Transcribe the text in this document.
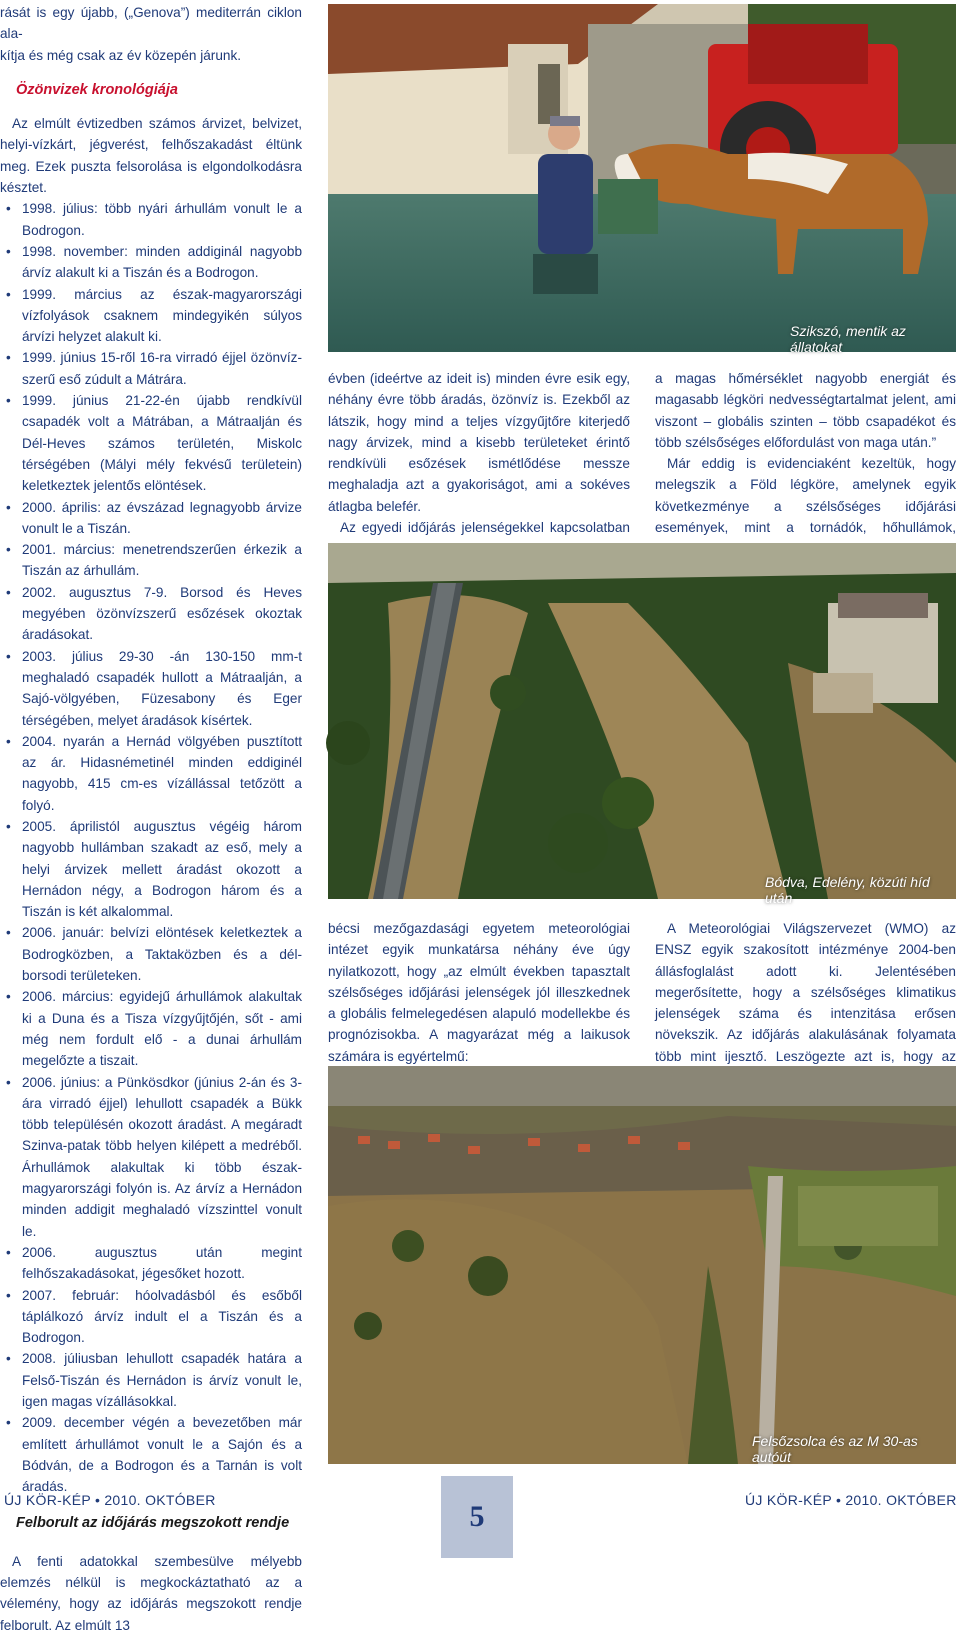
rását is egy újabb, („Genova”) mediterrán ciklon ala-
kítja és még csak az év közepén járunk.
Özönvizek kronológiája
Az elmúlt évtizedben számos árvizet, belvizet, helyi-vízkárt, jégverést, felhőszakadást éltünk meg. Ezek puszta felsorolása is elgondolkodásra késztet.
• 1998. július: több nyári árhullám vonult le a Bodrogon.
• 1998. november: minden addiginál nagyobb árvíz alakult ki a Tiszán és a Bodrogon.
• 1999. március az észak-magyarországi vízfolyások csaknem mindegyikén súlyos árvízi helyzet alakult ki.
• 1999. június 15-ről 16-ra virradó éjjel özönvíz-szerű eső zúdult a Mátrára.
• 1999. június 21-22-én újabb rendkívül csapadék volt a Mátrában, a Mátraalján és Dél-Heves számos területén, Miskolc térségében (Mályi mély fekvésű területein) keletkeztek jelentős elöntések.
• 2000. április: az évszázad legnagyobb árvize vonult le a Tiszán.
• 2001. március: menetrendszerűen érkezik a Tiszán az árhullám.
• 2002. augusztus 7-9. Borsod és Heves megyében özönvízszerű esőzések okoztak áradásokat.
• 2003. július 29-30 -án 130-150 mm-t meghaladó csapadék hullott a Mátraalján, a Sajó-völgyében, Füzesabony és Eger térségében, melyet áradások kísértek.
• 2004. nyarán a Hernád völgyében pusztított az ár. Hidasnémetinél minden eddiginél nagyobb, 415 cm-es vízállással tetőzött a folyó.
• 2005. áprilistól augusztus végéig három nagyobb hullámban szakadt az eső, mely a helyi árvizek mellett áradást okozott a Hernádon négy, a Bodrogon három és a Tiszán is két alkalommal.
• 2006. január: belvízi elöntések keletkeztek a Bodrogközben, a Taktaközben és a dél-borsodi területeken.
• 2006. március: egyidejű árhullámok alakultak ki a Duna és a Tisza vízgyűjtőjén, sőt - ami még nem fordult elő - a dunai árhullám megelőzte a tiszait.
• 2006. június: a Pünkösdkor (június 2-án és 3-ára virradó éjjel) lehullott csapadék a Bükk több településén okozott áradást. A megáradt Szinva-patak több helyen kilépett a medréből. Árhullámok alakultak ki több észak-magyarországi folyón is. Az árvíz a Hernádon minden addigit meghaladó vízszinttel vonult le.
• 2006. augusztus után megint felhőszakadásokat, jégesőket hozott.
• 2007. február: hóolvadásból és esőből táplálkozó árvíz indult el a Tiszán és a Bodrogon.
• 2008. júliusban lehullott csapadék határa a Felső-Tiszán és Hernádon is árvíz vonult le, igen magas vízállásokkal.
• 2009. december végén a bevezetőben már említett árhullámot vonult le a Sajón és a Bódván, de a Bodrogon és a Tarnán is volt áradás.
Felborult az időjárás megszokott rendje
A fenti adatokkal szembesülve mélyebb elemzés nélkül is megkockáztatható az a vélemény, hogy az időjárás megszokott rendje felborult. Az elmúlt 13
Szikszó, mentik az állatokat
évben (ideértve az ideit is) minden évre esik egy, néhány évre több áradás, özönvíz is. Ezekből az látszik, hogy mind a teljes vízgyűjtőre kiterjedő nagy árvizek, mind a kisebb területeket érintő rendkívüli esőzések ismétlődése messze meghaladja azt a gyakoriságot, ami a sokéves átlagba belefér.
Az egyedi időjárás jelenségekkel kapcsolatban
a magas hőmérséklet nagyobb energiát és magasabb légköri nedvességtartalmat jelent, ami viszont – globális szinten – több csapadékot és több szélsőséges előfordulást von maga után.”
Már eddig is evidenciaként kezeltük, hogy melegszik a Föld légköre, amelynek egyik következménye a szélsőséges időjárási események, mint a tornádók, hőhullámok,
Bódva, Edelény, közúti híd után
bécsi mezőgazdasági egyetem meteorológiai intézet egyik munkatársa néhány éve úgy nyilatkozott, hogy „az elmúlt években tapasztalt szélsőséges időjárási jelenségek jól illeszkednek a globális felmelegedésen alapuló modellekbe és prognózisokba. A magyarázat még a laikusok számára is egyértelmű:
A Meteorológiai Világszervezet (WMO) az ENSZ egyik szakosított intézménye 2004-ben állásfoglalást adott ki. Jelentésében megerősítette, hogy a szélsőséges klimatikus jelenségek száma és intenzitása erősen növekszik. Az időjárás alakulásának folyamata több mint ijesztő. Leszögezte azt is, hogy az
Felsőzsolca és az M 30-as autóút
ÚJ KÖR-KÉP • 2010. OKTÓBER	5	ÚJ KÖR-KÉP • 2010. OKTÓBER
